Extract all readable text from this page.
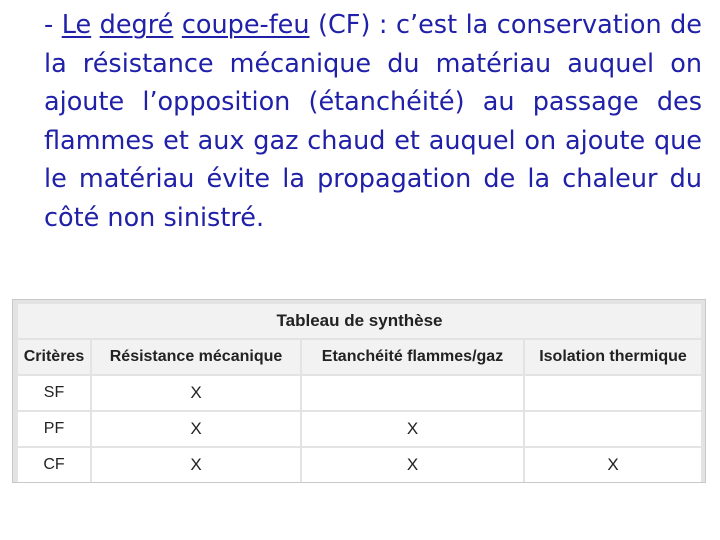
- Le degré coupe-feu (CF) : c’est la conservation de la résistance mécanique du matériau auquel on ajoute l’opposition (étanchéité) au passage des flammes et aux gaz chaud et auquel on ajoute que le matériau évite la propagation de la chaleur du côté non sinistré.

Tableau de synthèse			
Critères	Résistance mécanique	Etanchéité flammes/gaz	Isolation thermique
SF	X		
PF	X	X	
CF	X	X	X
